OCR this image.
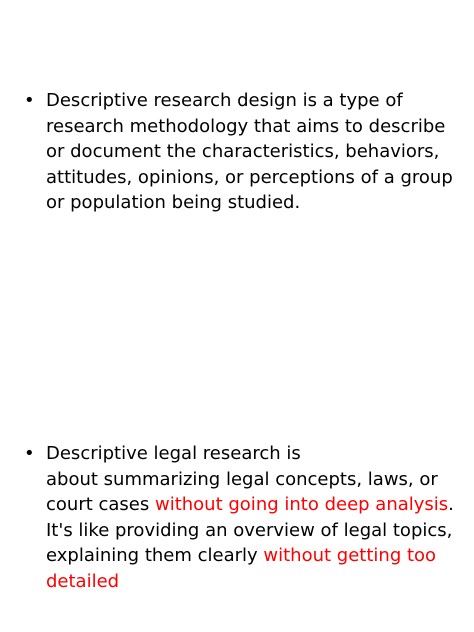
• Descriptive research design is a type of
research methodology that aims to describe
or document the characteristics, behaviors,
attitudes, opinions, or perceptions of a group
or population being studied.
• Descriptive legal research is
about summarizing legal concepts, laws, or
court cases without going into deep analysis.
It's like providing an overview of legal topics,
explaining them clearly without getting too
detailed
